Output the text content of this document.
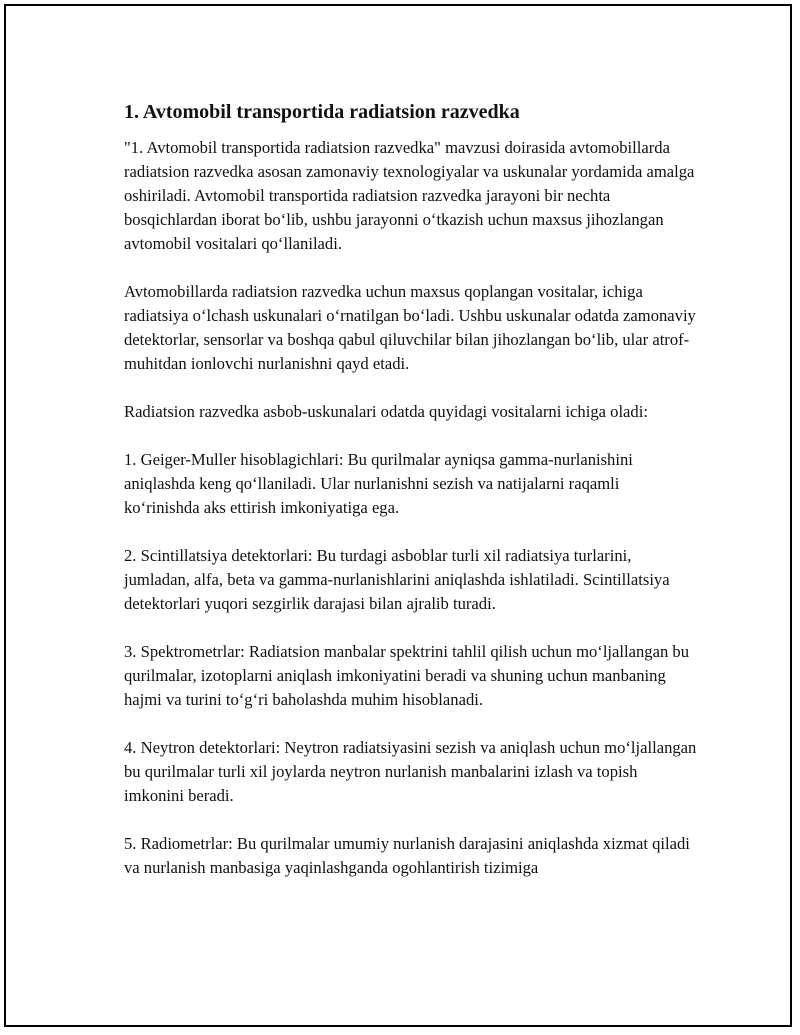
1. Avtomobil transportida radiatsion razvedka

"1. Avtomobil transportida radiatsion razvedka" mavzusi doirasida avtomobillarda radiatsion razvedka asosan zamonaviy texnologiyalar va uskunalar yordamida amalga oshiriladi. Avtomobil transportida radiatsion razvedka jarayoni bir nechta bosqichlardan iborat bo‘lib, ushbu jarayonni o‘tkazish uchun maxsus jihozlangan avtomobil vositalari qo‘llaniladi.

Avtomobillarda radiatsion razvedka uchun maxsus qoplangan vositalar, ichiga radiatsiya o‘lchash uskunalari o‘rnatilgan bo‘ladi. Ushbu uskunalar odatda zamonaviy detektorlar, sensorlar va boshqa qabul qiluvchilar bilan jihozlangan bo‘lib, ular atrof-muhitdan ionlovchi nurlanishni qayd etadi.

Radiatsion razvedka asbob-uskunalari odatda quyidagi vositalarni ichiga oladi:

1. Geiger-Muller hisoblagichlari: Bu qurilmalar ayniqsa gamma-nurlanishini aniqlashda keng qo‘llaniladi. Ular nurlanishni sezish va natijalarni raqamli ko‘rinishda aks ettirish imkoniyatiga ega.

2. Scintillatsiya detektorlari: Bu turdagi asboblar turli xil radiatsiya turlarini, jumladan, alfa, beta va gamma-nurlanishlarini aniqlashda ishlatiladi. Scintillatsiya detektorlari yuqori sezgirlik darajasi bilan ajralib turadi.

3. Spektrometrlar: Radiatsion manbalar spektrini tahlil qilish uchun mo‘ljallangan bu qurilmalar, izotoplarni aniqlash imkoniyatini beradi va shuning uchun manbaning hajmi va turini to‘g‘ri baholashda muhim hisoblanadi.

4. Neytron detektorlari: Neytron radiatsiyasini sezish va aniqlash uchun mo‘ljallangan bu qurilmalar turli xil joylarda neytron nurlanish manbalarini izlash va topish imkonini beradi.

5. Radiometrlar: Bu qurilmalar umumiy nurlanish darajasini aniqlashda xizmat qiladi va nurlanish manbasiga yaqinlashganda ogohlantirish tizimiga
